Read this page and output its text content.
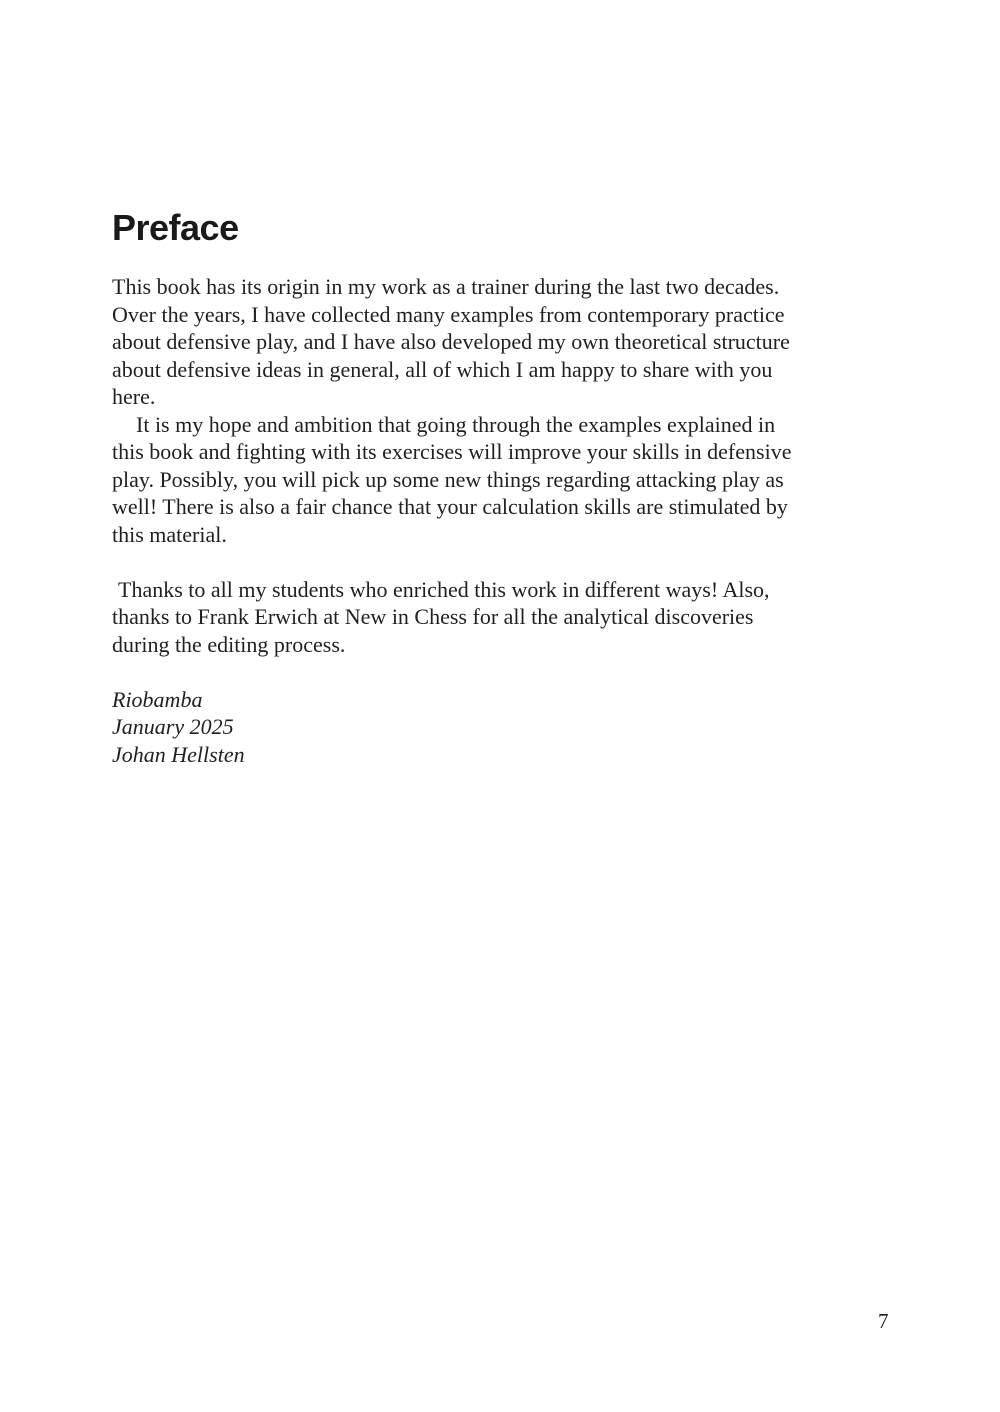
Preface

This book has its origin in my work as a trainer during the last two decades.
Over the years, I have collected many examples from contemporary practice
about defensive play, and I have also developed my own theoretical structure
about defensive ideas in general, all of which I am happy to share with you
here.

It is my hope and ambition that going through the examples explained in
this book and fighting with its exercises will improve your skills in defensive
play. Possibly, you will pick up some new things regarding attacking play as
well! There is also a fair chance that your calculation skills are stimulated by
this material.

Thanks to all my students who enriched this work in different ways! Also,
thanks to Frank Erwich at New in Chess for all the analytical discoveries
during the editing process.

Riobamba
January 2025
Johan Hellsten

7
